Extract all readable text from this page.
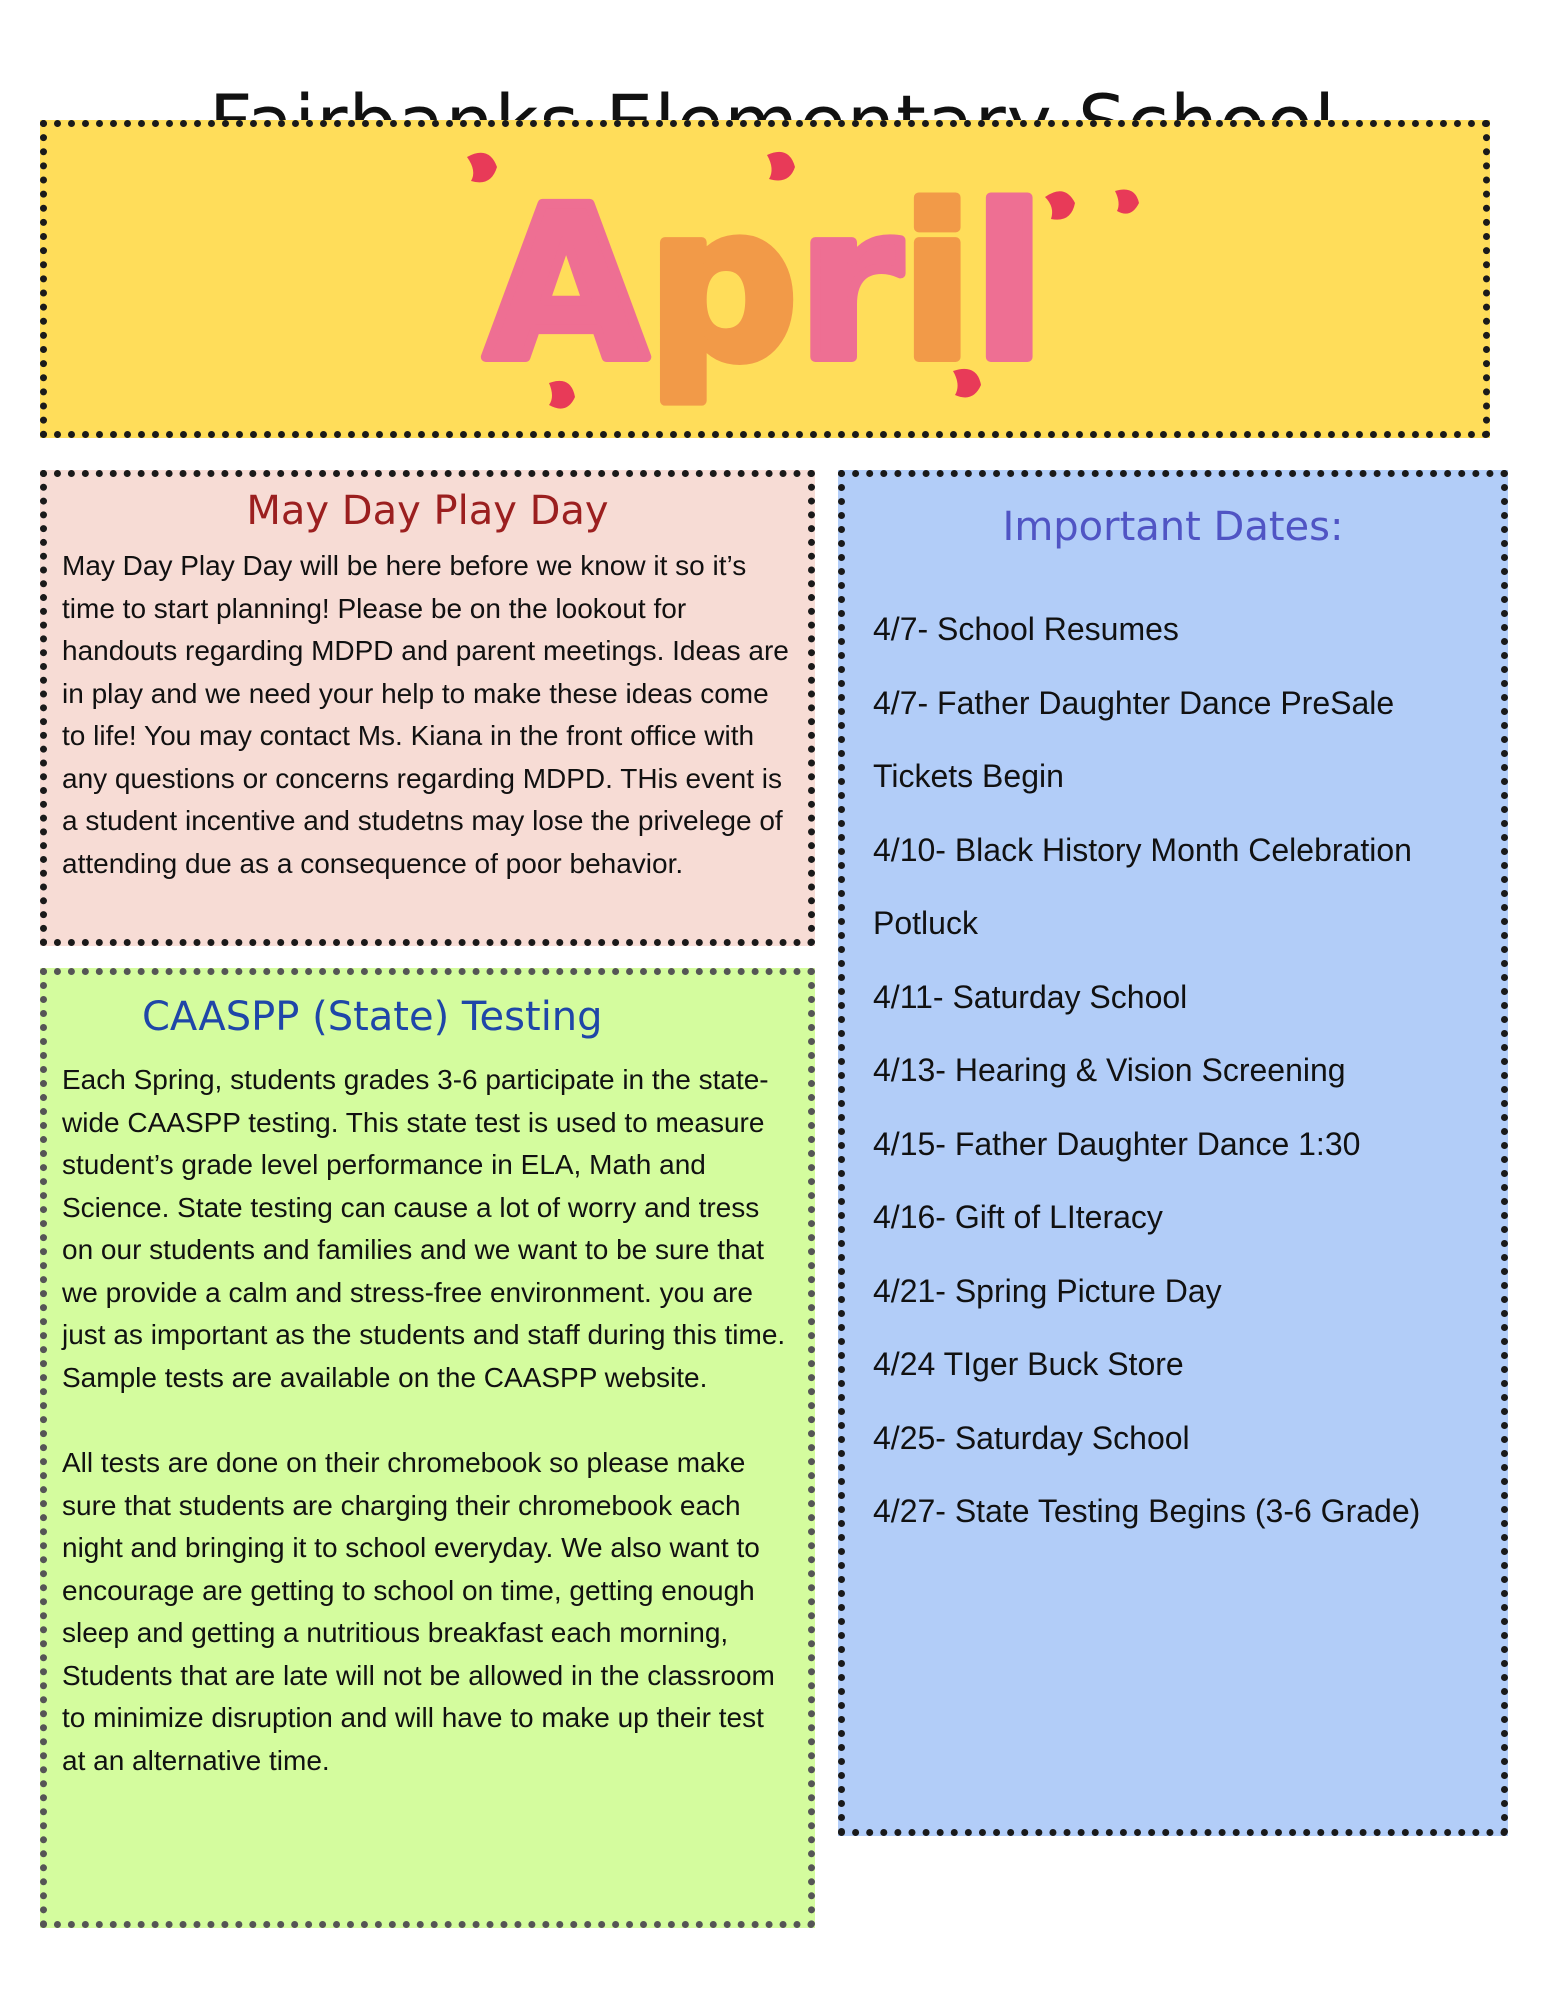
April
May Day Play Day

May Day Play Day will be here before we know it so it’s time to start planning! Please be on the lookout for handouts regarding MDPD and parent meetings. Ideas are in play and we need your help to make these ideas come to life! You may contact Ms. Kiana in the front office with any questions or concerns regarding MDPD. THis event is a student incentive and studetns may lose the privelege of attending due as a consequence of poor behavior.

CAASPP (State) Testing

Each Spring, students grades 3-6 participate in the state-wide CAASPP testing. This state test is used to measure student’s grade level performance in ELA, Math and Science. State testing can cause a lot of worry and tress on our students and families and we want to be sure that we provide a calm and stress-free environment. you are just as important as the students and staff during this time. Sample tests are available on the CAASPP website.

All tests are done on their chromebook so please make sure that students are charging their chromebook each night and bringing it to school everyday. We also want to encourage are getting to school on time, getting enough sleep and getting a nutritious breakfast each morning, Students that are late will not be allowed in the classroom to minimize disruption and will have to make up their test at an alternative time.

Important Dates:
4/7- School Resumes
4/7- Father Daughter Dance PreSale Tickets Begin
4/10- Black History Month Celebration Potluck
4/11- Saturday School
4/13- Hearing & Vision Screening
4/15- Father Daughter Dance 1:30
4/16- Gift of LIteracy
4/21- Spring Picture Day
4/24 TIger Buck Store
4/25- Saturday School
4/27- State Testing Begins (3-6 Grade)
